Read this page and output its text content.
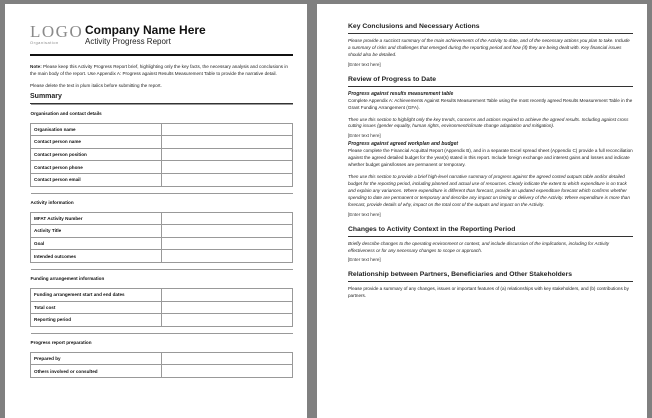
LOGO
Organisation
Company Name Here
Activity Progress Report
Note: Please keep this Activity Progress Report brief, highlighting only the key facts, the necessary analysis and conclusions in the main body of the report. Use Appendix A: Progress against Results Measurement Table to provide the narrative detail.
Please delete the text in plum italics before submitting the report.
Summary
Organisation and contact details	
Organisation name	
Contact person name	
Contact person position	
Contact person phone	
Contact person email	

Activity information	
MFAT Activity Number	
Activity Title	
Goal	
Intended outcomes	

Funding arrangement information	
Funding arrangement start and end dates	
Total cost	
Reporting period	

Progress report preparation	
Prepared by	
Others involved or consulted	
Key Conclusions and Necessary Actions
Please provide a succinct summary of the main achievements of the Activity to date, and of the necessary actions you plan to take. Include a summary of risks and challenges that emerged during the reporting period and how (if) they are being dealt with. Key financial issues should also be detailed.
[Enter text here]
Review of Progress to Date
Progress against results measurement table
Complete Appendix A: Achievements Against Results Measurement Table using the most recently agreed Results Measurement Table in the Grant Funding Arrangement (GFA).
Then use this section to highlight only the key trends, concerns and actions required to achieve the agreed results. Including against cross cutting issues (gender equality, human rights, environment/climate change adaptation and mitigation).
[Enter text here]
Progress against agreed workplan and budget
Please complete the Financial Acquittal Report (Appendix B), and in a separate Excel spread sheet (Appendix C) provide a full reconciliation against the agreed detailed budget for the year(s) stated in this report. Include foreign exchange and interest gains and losses and indicate whether budget gains/losses are permanent or temporary.
Then use this section to provide a brief high-level narrative summary of progress against the agreed costed outputs table and/or detailed budget for the reporting period, including planned and actual use of resources. Clearly indicate the extent to which expenditure is on track and explain any variances. Where expenditure is different than forecast, provide an updated expenditure forecast which confirms whether spending to date are permanent or temporary and describe any impact on timing or delivery of the Activity. Where expenditure is more than forecast, provide details of why, impact on the total cost of the outputs and impact on the Activity.
[Enter text here]
Changes to Activity Context in the Reporting Period
Briefly describe changes to the operating environment or context, and include discussion of the implications, including for Activity effectiveness or for any necessary changes to scope or approach.
[Enter text here]
Relationship between Partners, Beneficiaries and Other Stakeholders
Please provide a summary of any changes, issues or important features of (a) relationships with key stakeholders, and (b) contributions by partners.
